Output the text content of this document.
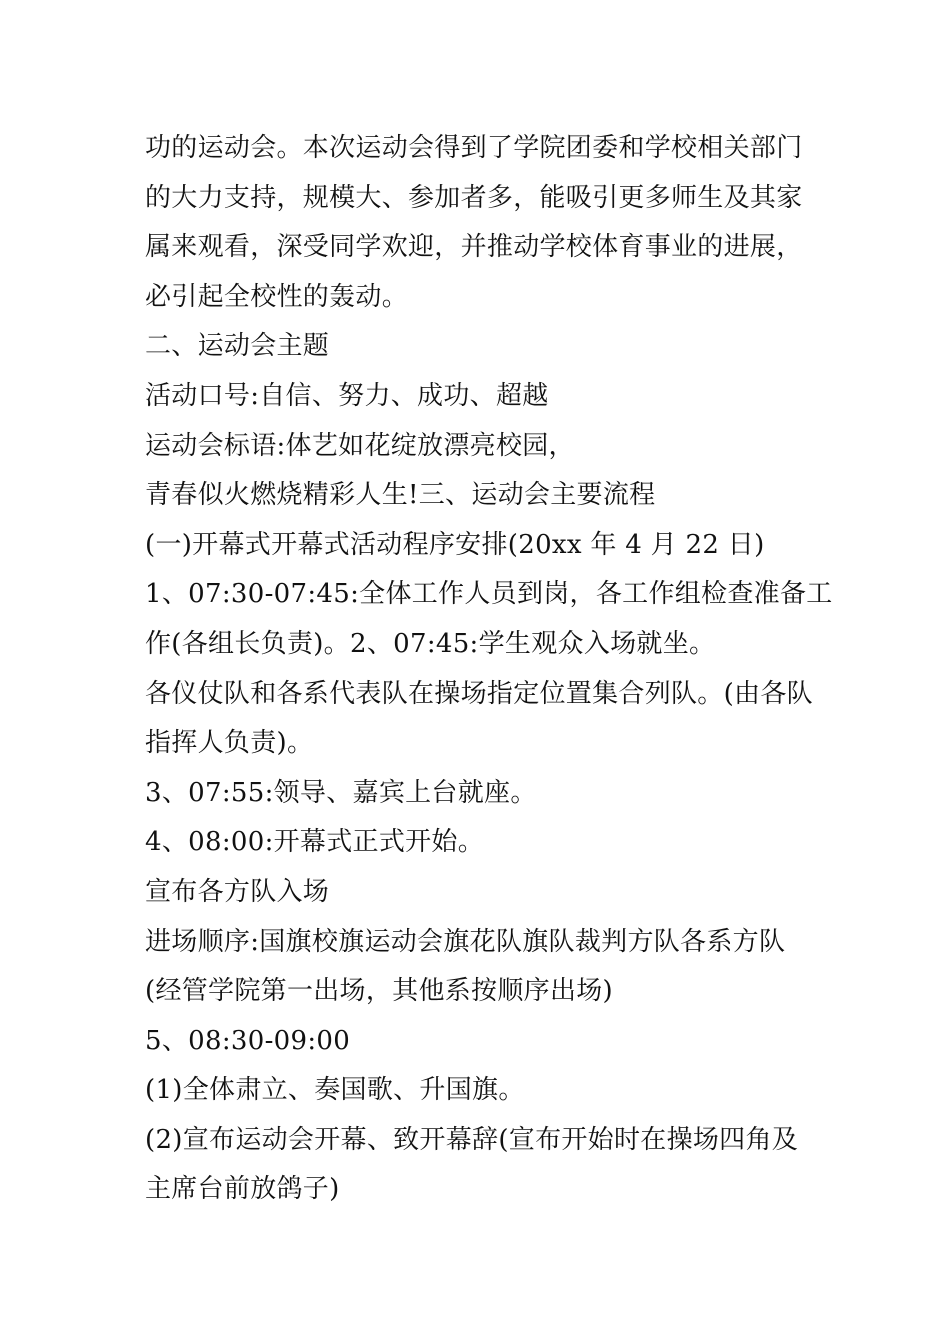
功的运动会。本次运动会得到了学院团委和学校相关部门
的大力支持，规模大、参加者多，能吸引更多师生及其家
属来观看，深受同学欢迎，并推动学校体育事业的进展，
必引起全校性的轰动。
二、运动会主题
活动口号:自信、努力、成功、超越
运动会标语:体艺如花绽放漂亮校园，
青春似火燃烧精彩人生!三、运动会主要流程
(一)开幕式开幕式活动程序安排(20xx 年 4 月 22 日)
1、07:30-07:45:全体工作人员到岗，各工作组检查准备工
作(各组长负责)。2、07:45:学生观众入场就坐。
各仪仗队和各系代表队在操场指定位置集合列队。(由各队
指挥人负责)。
3、07:55:领导、嘉宾上台就座。
4、08:00:开幕式正式开始。
宣布各方队入场
进场顺序:国旗校旗运动会旗花队旗队裁判方队各系方队
(经管学院第一出场，其他系按顺序出场)
5、08:30-09:00
(1)全体肃立、奏国歌、升国旗。
(2)宣布运动会开幕、致开幕辞(宣布开始时在操场四角及
主席台前放鸽子)
